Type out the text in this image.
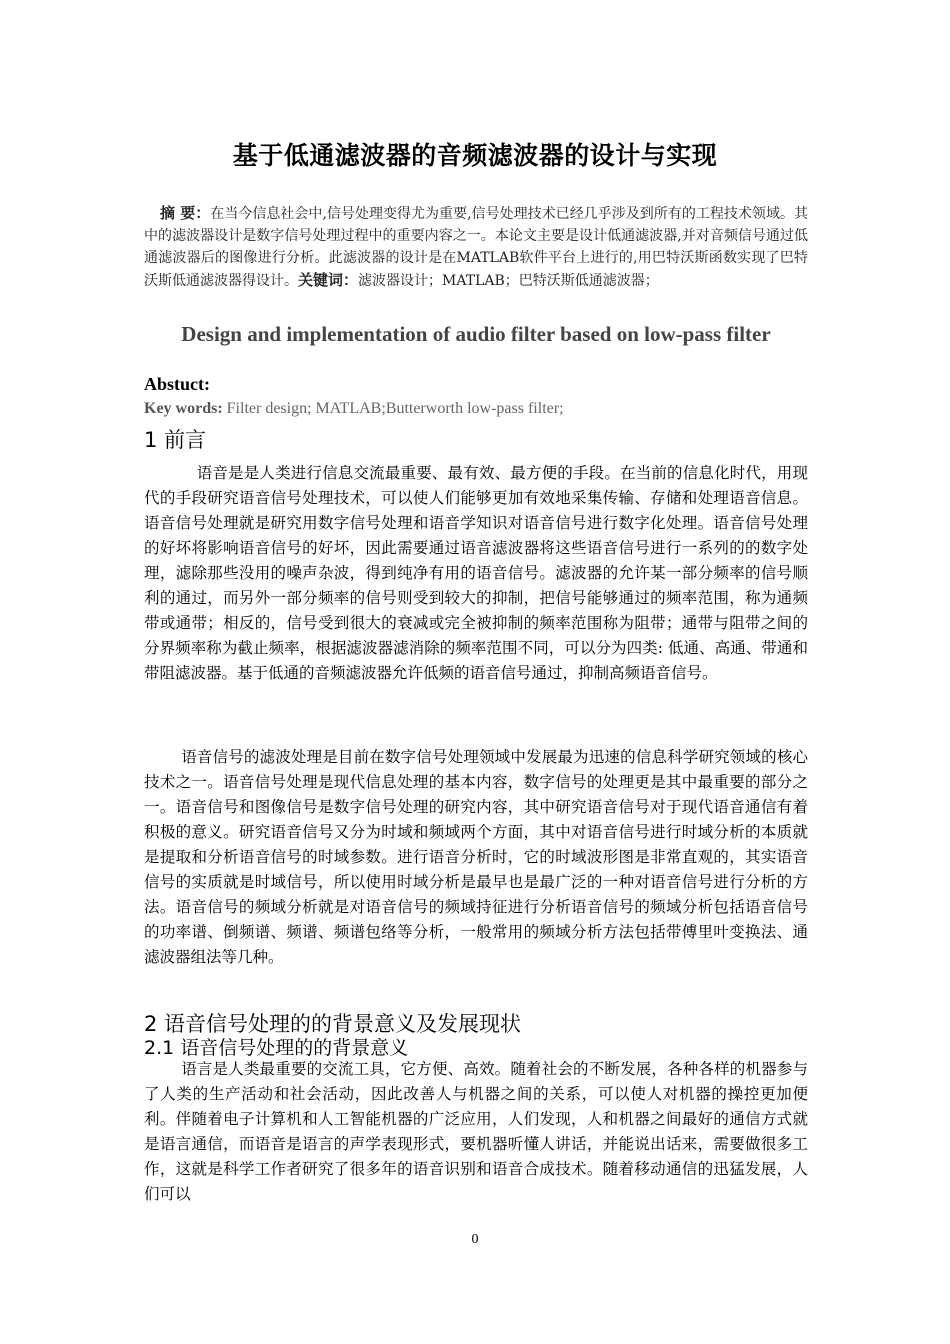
基于低通滤波器的音频滤波器的设计与实现
摘 要：在当今信息社会中,信号处理变得尤为重要,信号处理技术已经几乎涉及到所有的工程技术领域。其中的滤波器设计是数字信号处理过程中的重要内容之一。本论文主要是设计低通滤波器,并对音频信号通过低通滤波器后的图像进行分析。此滤波器的设计是在MATLAB软件平台上进行的,用巴特沃斯函数实现了巴特沃斯低通滤波器得设计。关键词：滤波器设计；MATLAB；巴特沃斯低通滤波器；
Design and implementation of audio filter based on low-pass filter
Abstuct:
Key words: Filter design; MATLAB;Butterworth low-pass filter;
1 前言
语音是是人类进行信息交流最重要、最有效、最方便的手段。在当前的信息化时代，用现代的手段研究语音信号处理技术，可以使人们能够更加有效地采集传输、存储和处理语音信息。语音信号处理就是研究用数字信号处理和语音学知识对语音信号进行数字化处理。语音信号处理的好坏将影响语音信号的好坏，因此需要通过语音滤波器将这些语音信号进行一系列的的数字处理，滤除那些没用的噪声杂波，得到纯净有用的语音信号。滤波器的允许某一部分频率的信号顺利的通过，而另外一部分频率的信号则受到较大的抑制，把信号能够通过的频率范围，称为通频带或通带；相反的，信号受到很大的衰减或完全被抑制的频率范围称为阻带；通带与阻带之间的分界频率称为截止频率，根据滤波器滤消除的频率范围不同，可以分为四类: 低通、高通、带通和带阻滤波器。基于低通的音频滤波器允许低频的语音信号通过，抑制高频语音信号。
语音信号的滤波处理是目前在数字信号处理领域中发展最为迅速的信息科学研究领域的核心技术之一。语音信号处理是现代信息处理的基本内容，数字信号的处理更是其中最重要的部分之一。语音信号和图像信号是数字信号处理的研究内容，其中研究语音信号对于现代语音通信有着积极的意义。研究语音信号又分为时域和频域两个方面，其中对语音信号进行时域分析的本质就是提取和分析语音信号的时域参数。进行语音分析时，它的时域波形图是非常直观的，其实语音信号的实质就是时域信号，所以使用时域分析是最早也是最广泛的一种对语音信号进行分析的方法。语音信号的频域分析就是对语音信号的频域持征进行分析语音信号的频域分析包括语音信号的功率谱、倒频谱、频谱、频谱包络等分析，一般常用的频域分析方法包括带傅里叶变换法、通滤波器组法等几种。
2 语音信号处理的的背景意义及发展现状
2.1 语音信号处理的的背景意义
语言是人类最重要的交流工具，它方便、高效。随着社会的不断发展，各种各样的机器参与了人类的生产活动和社会活动，因此改善人与机器之间的关系，可以使人对机器的操控更加便利。伴随着电子计算机和人工智能机器的广泛应用，人们发现，人和机器之间最好的通信方式就是语言通信，而语音是语言的声学表现形式，要机器听懂人讲话，并能说出话来，需要做很多工作，这就是科学工作者研究了很多年的语音识别和语音合成技术。随着移动通信的迅猛发展，人们可以
0
